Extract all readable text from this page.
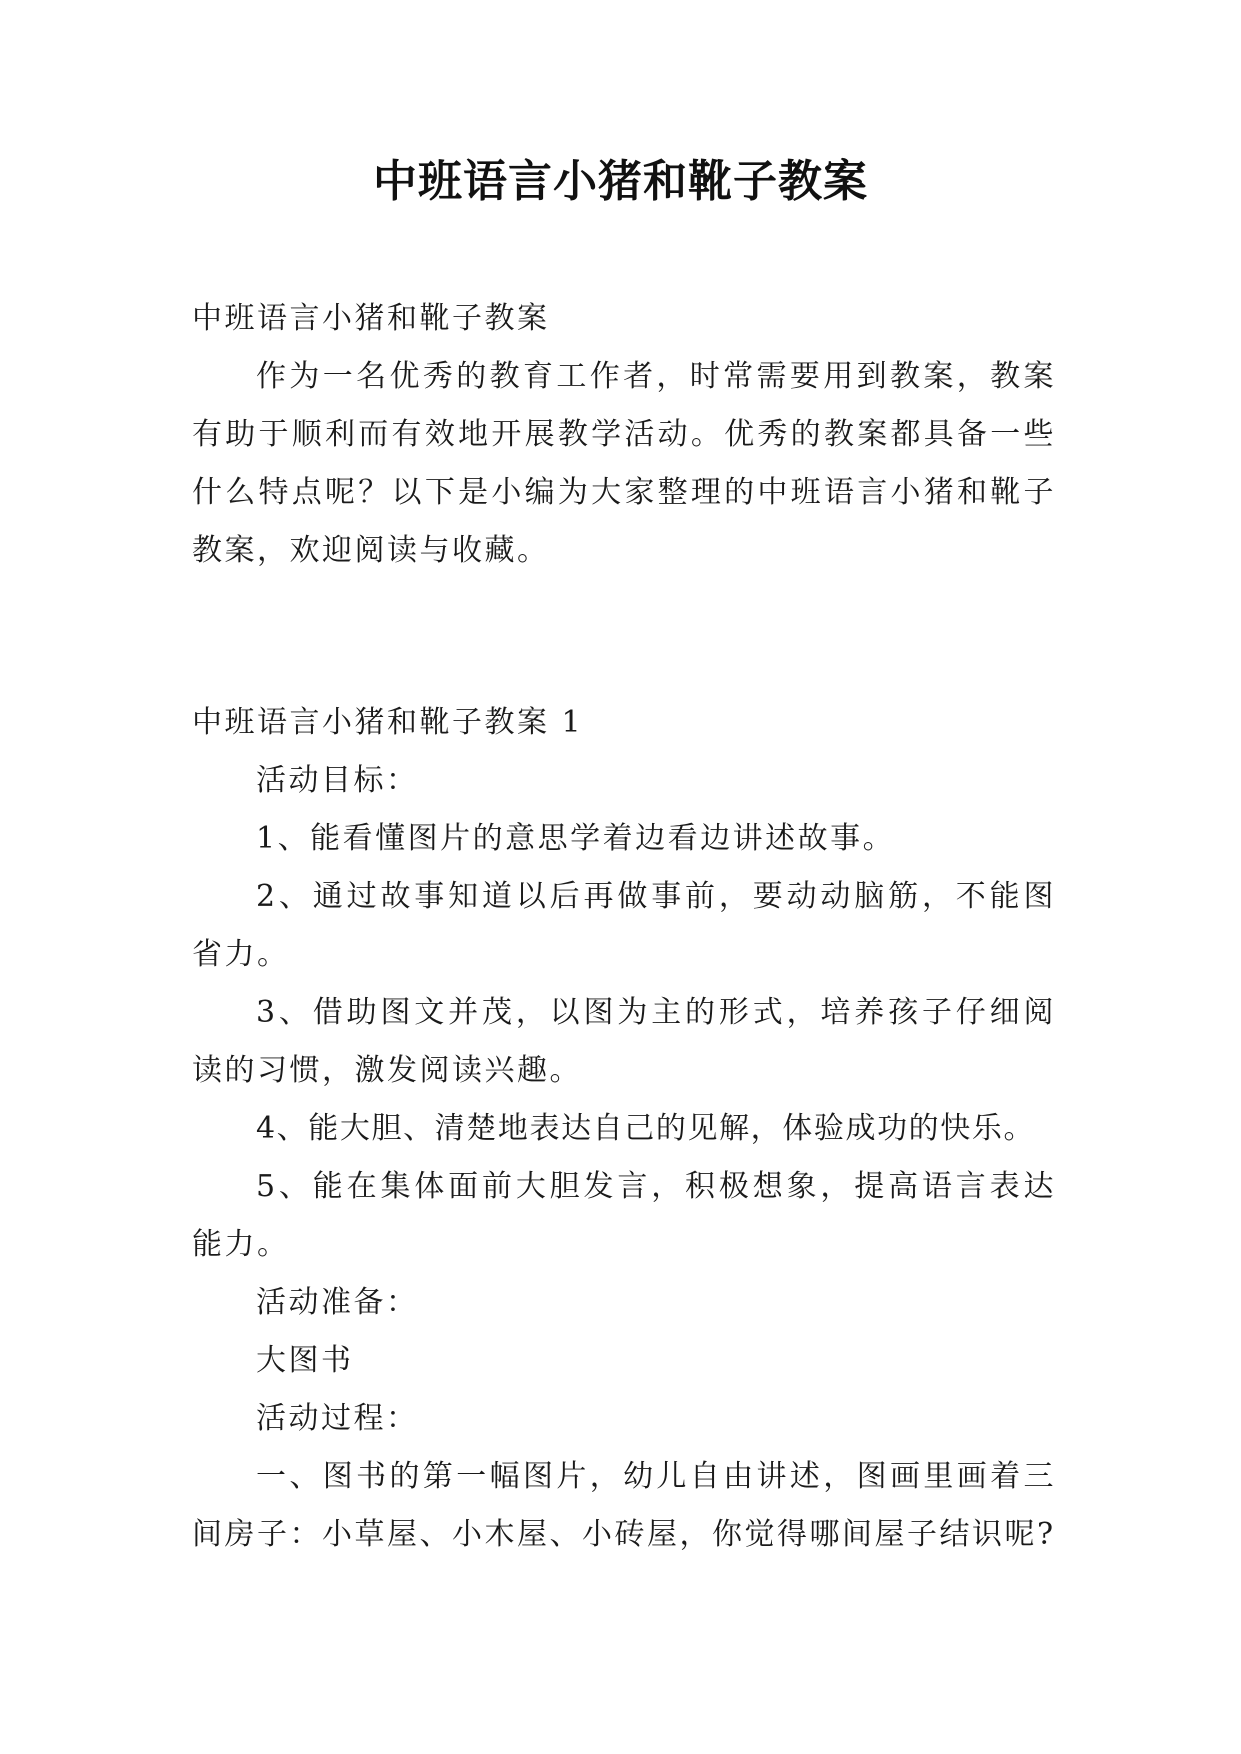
中班语言小猪和靴子教案

中班语言小猪和靴子教案

作为一名优秀的教育工作者，时常需要用到教案，教案有助于顺利而有效地开展教学活动。优秀的教案都具备一些什么特点呢？以下是小编为大家整理的中班语言小猪和靴子教案，欢迎阅读与收藏。

中班语言小猪和靴子教案 1

活动目标：

1、能看懂图片的意思学着边看边讲述故事。

2、通过故事知道以后再做事前，要动动脑筋，不能图省力。

3、借助图文并茂，以图为主的形式，培养孩子仔细阅读的习惯，激发阅读兴趣。

4、能大胆、清楚地表达自己的见解，体验成功的快乐。

5、能在集体面前大胆发言，积极想象，提高语言表达能力。

活动准备：

大图书

活动过程：

一、图书的第一幅图片，幼儿自由讲述，图画里画着三间房子：小草屋、小木屋、小砖屋，你觉得哪间屋子结识呢?
